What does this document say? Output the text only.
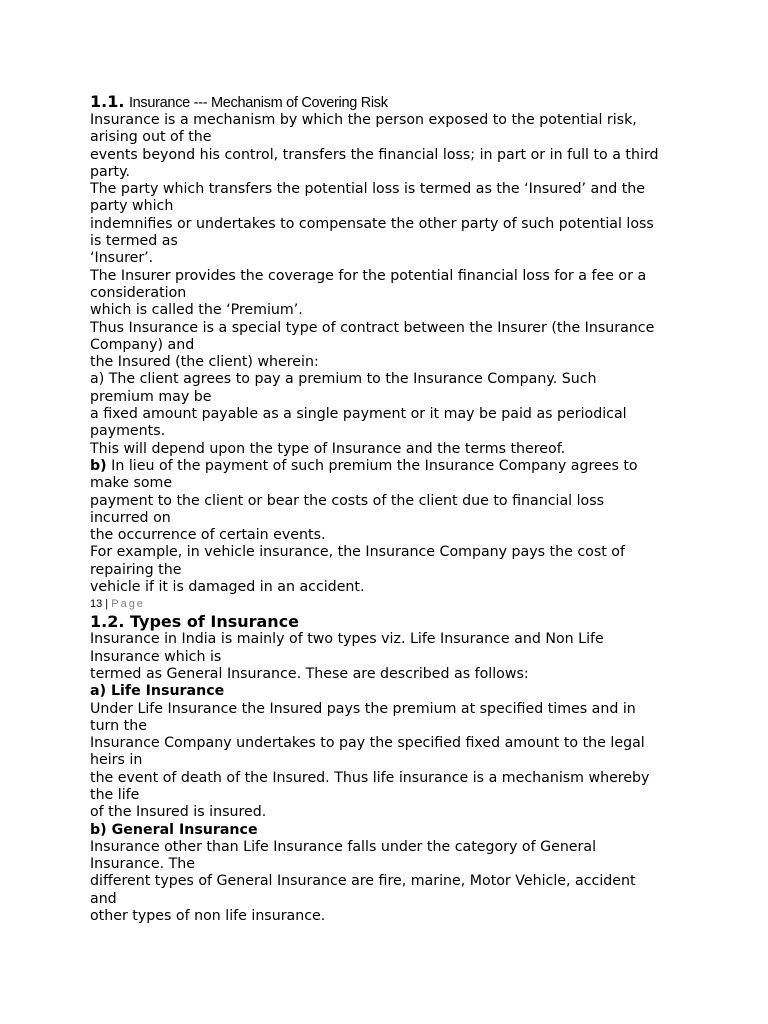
1.1. Insurance --- Mechanism of Covering Risk
Insurance is a mechanism by which the person exposed to the potential risk,
arising out of the
events beyond his control, transfers the financial loss; in part or in full to a third
party.
The party which transfers the potential loss is termed as the ‘Insured’ and the
party which
indemnifies or undertakes to compensate the other party of such potential loss
is termed as
‘Insurer’.
The Insurer provides the coverage for the potential financial loss for a fee or a
consideration
which is called the ‘Premium’.
Thus Insurance is a special type of contract between the Insurer (the Insurance
Company) and
the Insured (the client) wherein:
a) The client agrees to pay a premium to the Insurance Company. Such
premium may be
a fixed amount payable as a single payment or it may be paid as periodical
payments.
This will depend upon the type of Insurance and the terms thereof.
b) In lieu of the payment of such premium the Insurance Company agrees to
make some
payment to the client or bear the costs of the client due to financial loss
incurred on
the occurrence of certain events.
For example, in vehicle insurance, the Insurance Company pays the cost of
repairing the
vehicle if it is damaged in an accident.
13 | Page
1.2. Types of Insurance
Insurance in India is mainly of two types viz. Life Insurance and Non Life
Insurance which is
termed as General Insurance. These are described as follows:
a) Life Insurance
Under Life Insurance the Insured pays the premium at specified times and in
turn the
Insurance Company undertakes to pay the specified fixed amount to the legal
heirs in
the event of death of the Insured. Thus life insurance is a mechanism whereby
the life
of the Insured is insured.
b) General Insurance
Insurance other than Life Insurance falls under the category of General
Insurance. The
different types of General Insurance are fire, marine, Motor Vehicle, accident
and
other types of non life insurance.
